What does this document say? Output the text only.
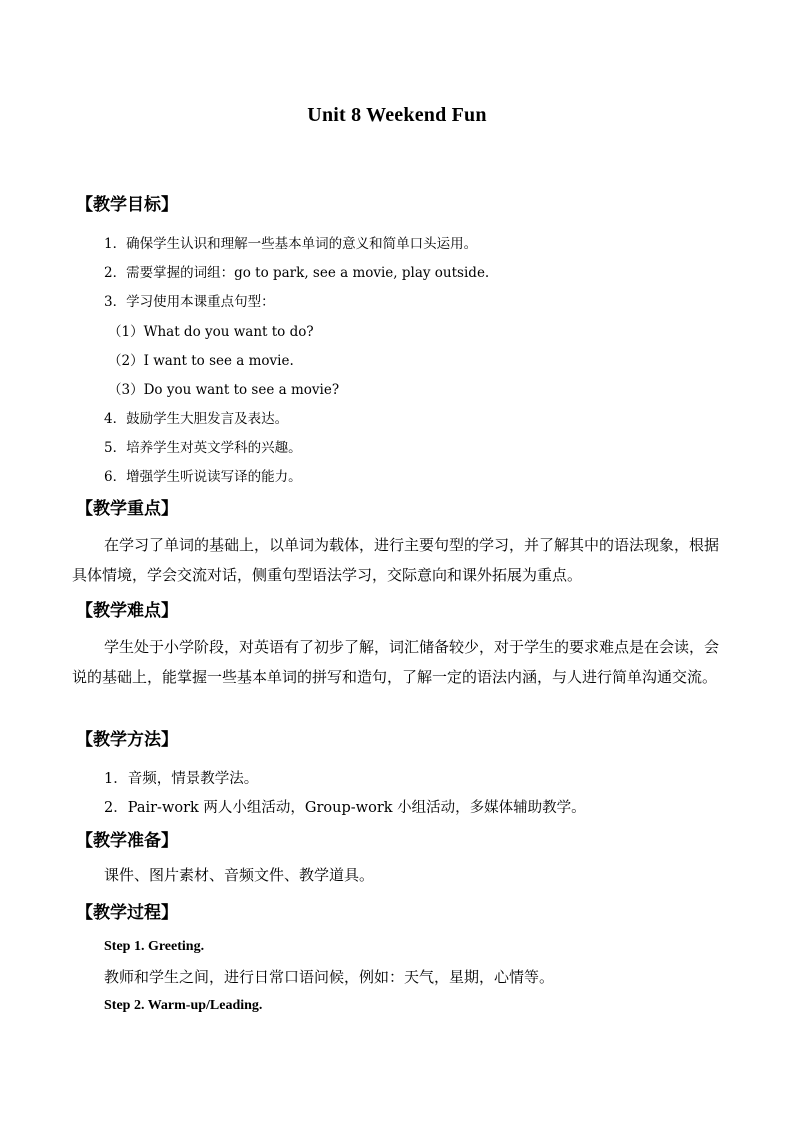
Unit 8 Weekend Fun
【教学目标】
1．确保学生认识和理解一些基本单词的意义和简单口头运用。
2．需要掌握的词组：go to park, see a movie, play outside.
3．学习使用本课重点句型：
（1）What do you want to do?
（2）I want to see a movie.
（3）Do you want to see a movie?
4．鼓励学生大胆发言及表达。
5．培养学生对英文学科的兴趣。
6．增强学生听说读写译的能力。
【教学重点】
在学习了单词的基础上，以单词为载体，进行主要句型的学习，并了解其中的语法现象，根据具体情境，学会交流对话，侧重句型语法学习，交际意向和课外拓展为重点。
【教学难点】
学生处于小学阶段，对英语有了初步了解，词汇储备较少，对于学生的要求难点是在会读，会说的基础上，能掌握一些基本单词的拼写和造句，了解一定的语法内涵，与人进行简单沟通交流。
【教学方法】
1．音频，情景教学法。
2．Pair-work 两人小组活动，Group-work 小组活动，多媒体辅助教学。
【教学准备】
课件、图片素材、音频文件、教学道具。
【教学过程】
Step 1. Greeting.
教师和学生之间，进行日常口语问候，例如：天气，星期，心情等。
Step 2. Warm-up/Leading.
